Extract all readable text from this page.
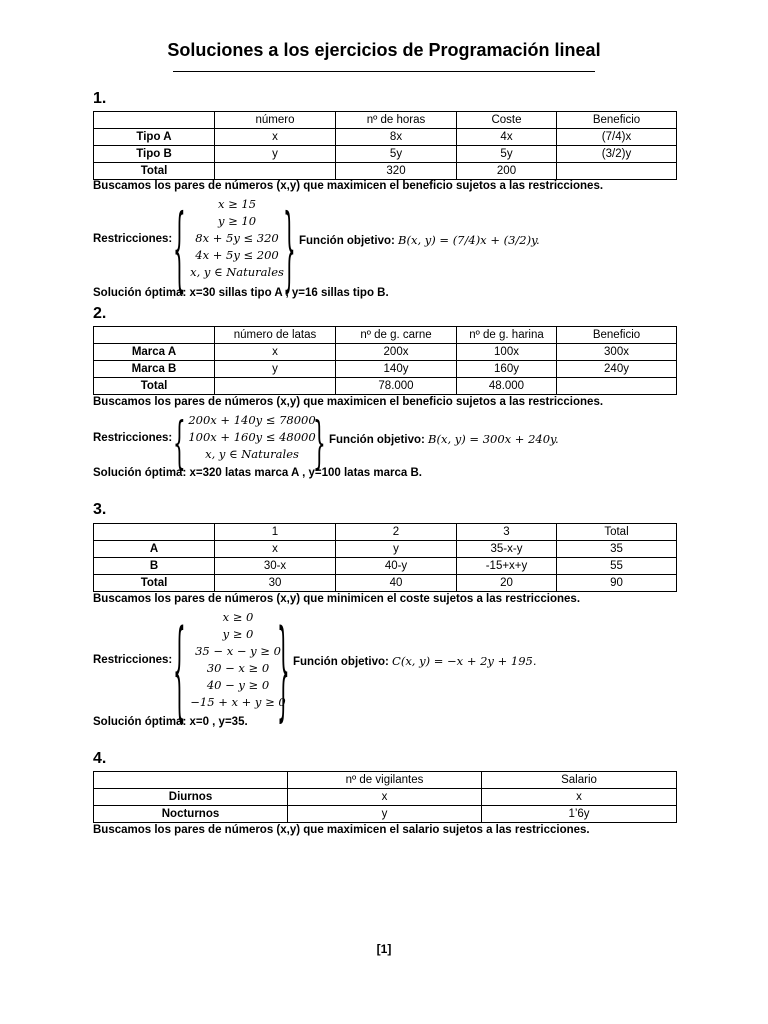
Soluciones a los ejercicios de Programación lineal
1.
	número	nº de horas	Coste	Beneficio
Tipo A	x	8x	4x	(7/4)x
Tipo B	y	5y	5y	(3/2)y
Total		320	200	
Buscamos los pares de números (x,y) que maximicen el beneficio sujetos a las restricciones.
Restricciones: {	x ≥ 15
y ≥ 10
8x + 5y ≤ 320
4x + 5y ≤ 200
x, y ∈ Naturales } Función objetivo: B(x, y) = (7/4)x + (3/2)y.
Solución óptima: x=30 sillas tipo A , y=16 sillas tipo B.
2.
	número de latas	nº de g. carne	nº de g. harina	Beneficio
Marca A	x	200x	100x	300x
Marca B	y	140y	160y	240y
Total		78.000	48.000	
Buscamos los pares de números (x,y) que maximicen el beneficio sujetos a las restricciones.
Restricciones: { 200x + 140y ≤ 78000
100x + 160y ≤ 48000
x, y ∈ Naturales } Función objetivo: B(x, y) = 300x + 240y.
Solución óptima: x=320 latas marca A , y=100 latas marca B.
3.
	1	2	3	Total
A	x	y	35-x-y	35
B	30-x	40-y	-15+x+y	55
Total	30	40	20	90
Buscamos los pares de números (x,y) que minimicen el coste sujetos a las restricciones.
Restricciones: {	x ≥ 0
y ≥ 0
35 − x − y ≥ 0
30 − x ≥ 0
40 − y ≥ 0
−15 + x + y ≥ 0
} Función objetivo: C(x, y) = −x + 2y + 195.
Solución óptima: x=0 , y=35.
4.
	nº de vigilantes	Salario
Diurnos	x	x
Nocturnos	y	1’6y
Buscamos los pares de números (x,y) que maximicen el salario sujetos a las restricciones.
[1]
